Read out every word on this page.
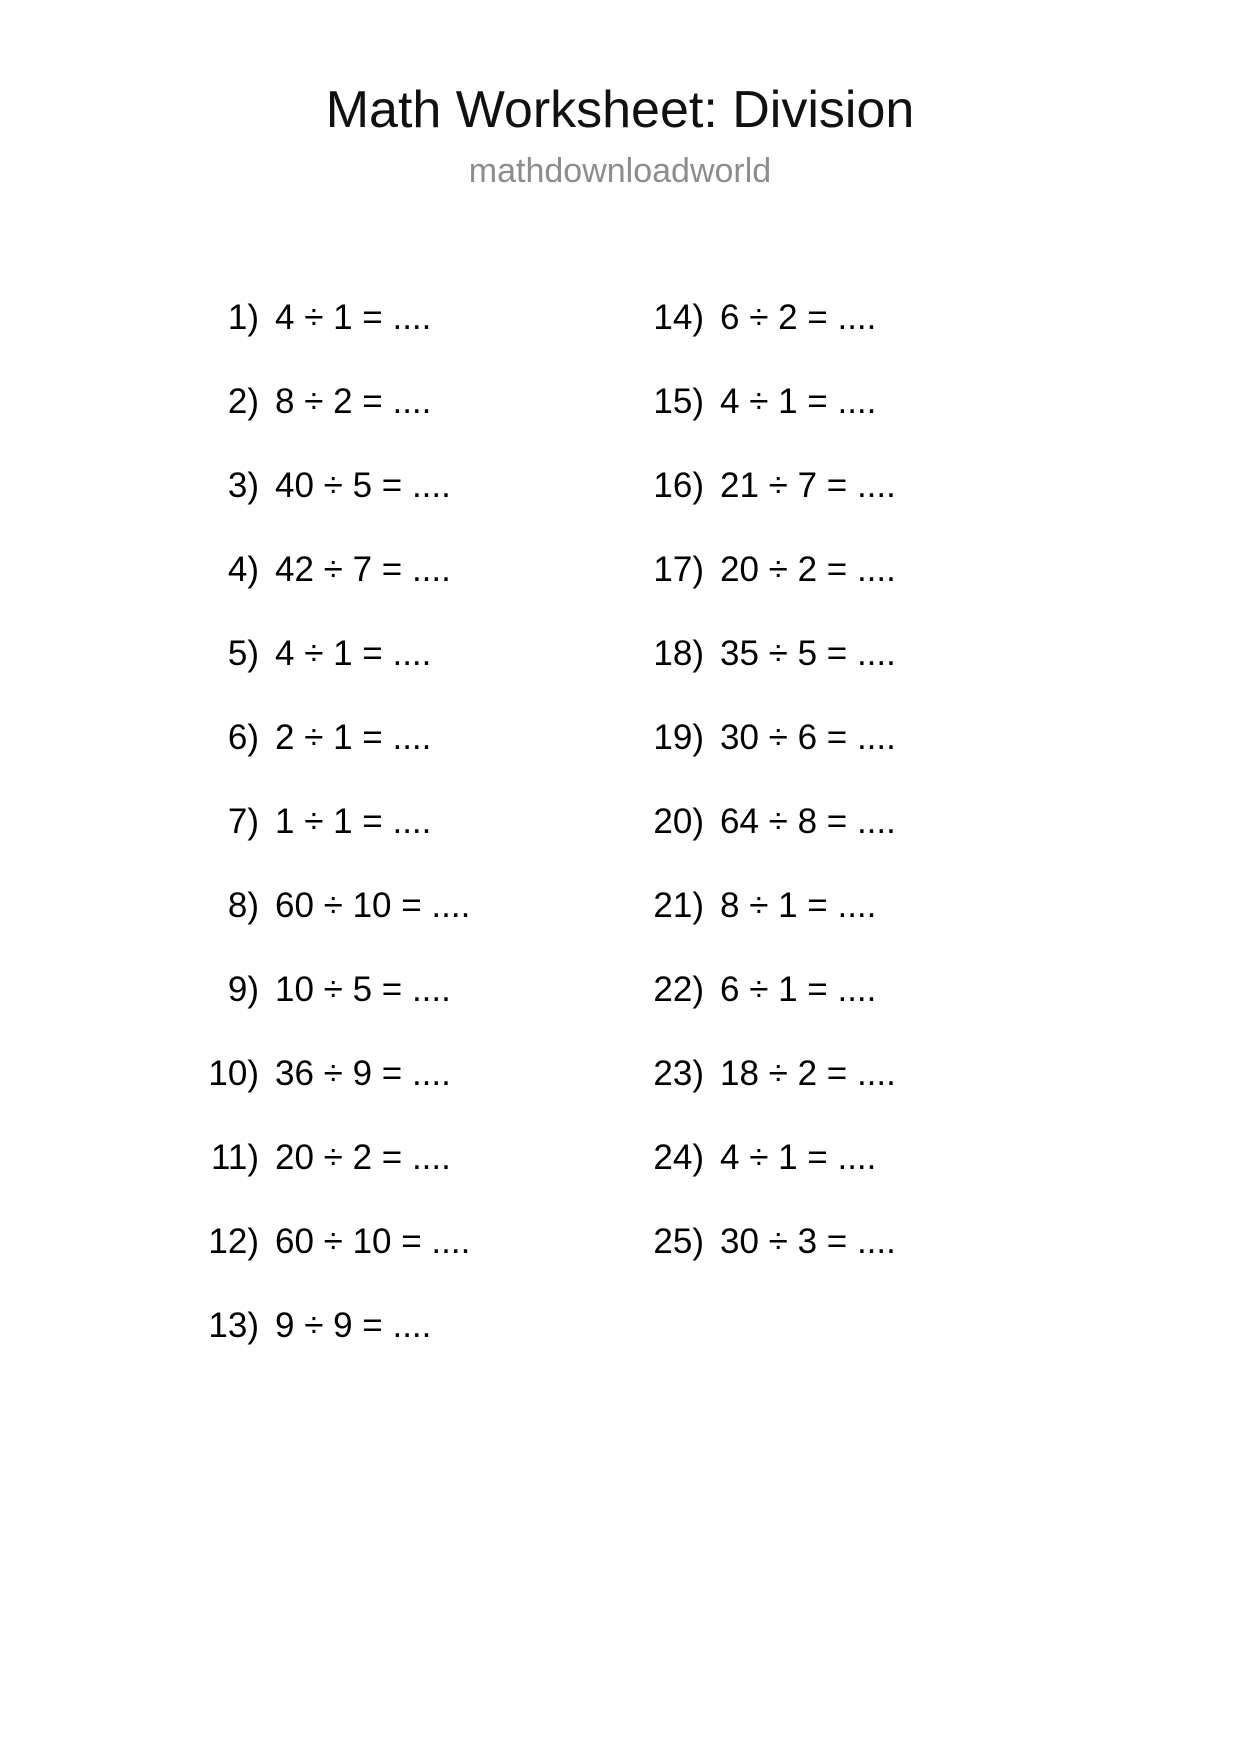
Math Worksheet: Division
mathdownloadworld
1) 4 ÷ 1 = ....
2) 8 ÷ 2 = ....
3) 40 ÷ 5 = ....
4) 42 ÷ 7 = ....
5) 4 ÷ 1 = ....
6) 2 ÷ 1 = ....
7) 1 ÷ 1 = ....
8) 60 ÷ 10 = ....
9) 10 ÷ 5 = ....
10) 36 ÷ 9 = ....
11) 20 ÷ 2 = ....
12) 60 ÷ 10 = ....
13) 9 ÷ 9 = ....
14) 6 ÷ 2 = ....
15) 4 ÷ 1 = ....
16) 21 ÷ 7 = ....
17) 20 ÷ 2 = ....
18) 35 ÷ 5 = ....
19) 30 ÷ 6 = ....
20) 64 ÷ 8 = ....
21) 8 ÷ 1 = ....
22) 6 ÷ 1 = ....
23) 18 ÷ 2 = ....
24) 4 ÷ 1 = ....
25) 30 ÷ 3 = ....
